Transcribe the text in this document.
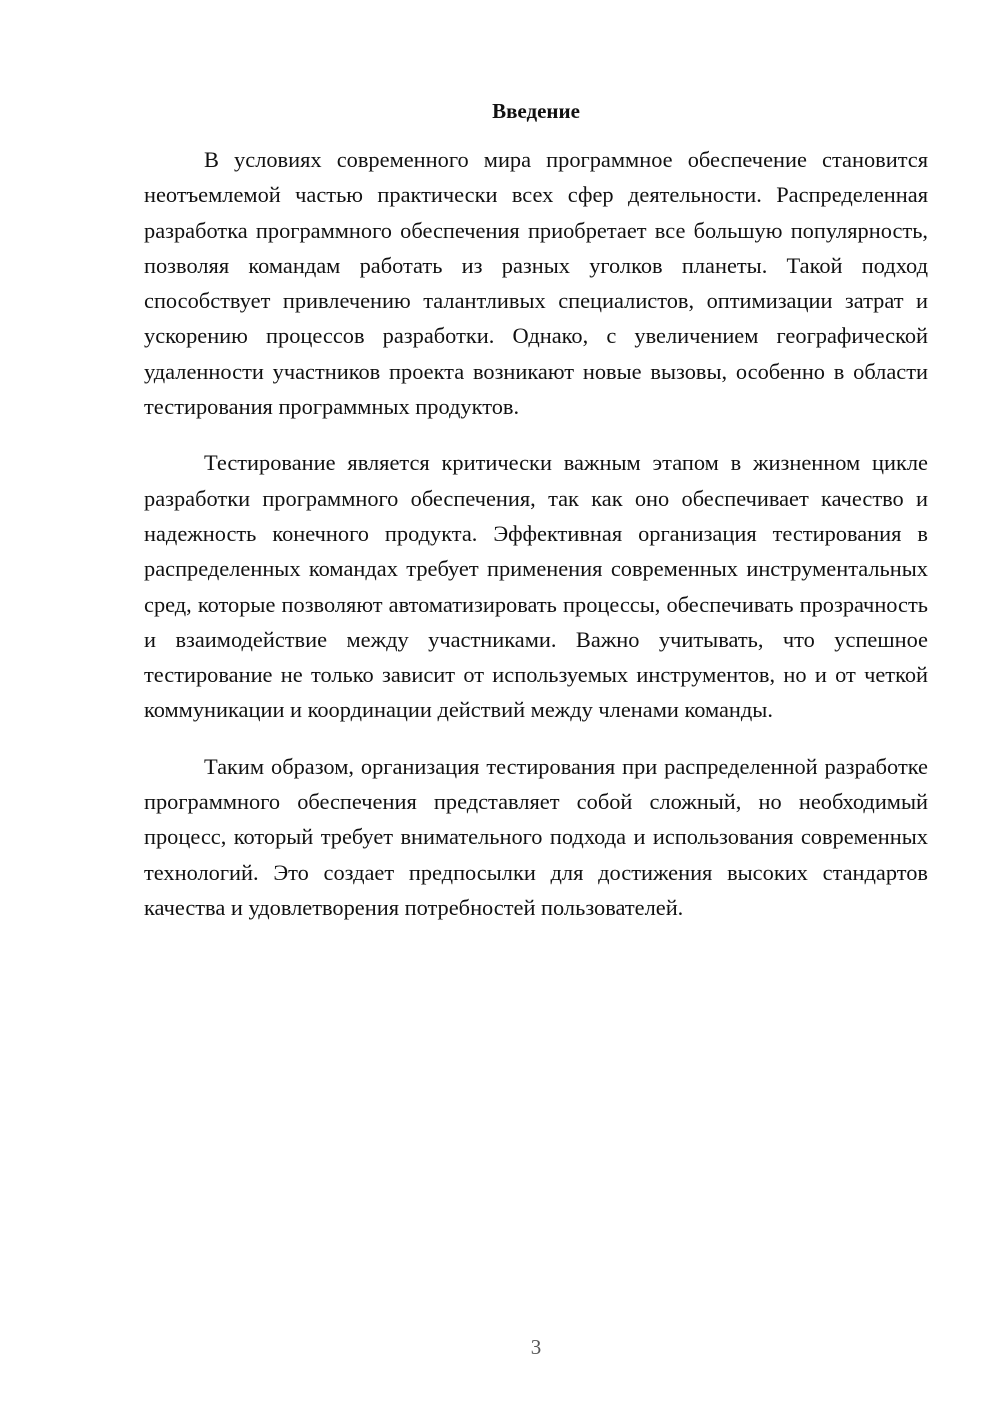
Введение

В условиях современного мира программное обеспечение становится неотъемлемой частью практически всех сфер деятельности. Распределенная разработка программного обеспечения приобретает все большую популярность, позволяя командам работать из разных уголков планеты. Такой подход способствует привлечению талантливых специалистов, оптимизации затрат и ускорению процессов разработки. Однако, с увеличением географической удаленности участников проекта возникают новые вызовы, особенно в области тестирования программных продуктов.

Тестирование является критически важным этапом в жизненном цикле разработки программного обеспечения, так как оно обеспечивает качество и надежность конечного продукта. Эффективная организация тестирования в распределенных командах требует применения современных инструментальных сред, которые позволяют автоматизировать процессы, обеспечивать прозрачность и взаимодействие между участниками. Важно учитывать, что успешное тестирование не только зависит от используемых инструментов, но и от четкой коммуникации и координации действий между членами команды.

Таким образом, организация тестирования при распределенной разработке программного обеспечения представляет собой сложный, но необходимый процесс, который требует внимательного подхода и использования современных технологий. Это создает предпосылки для достижения высоких стандартов качества и удовлетворения потребностей пользователей.

3
